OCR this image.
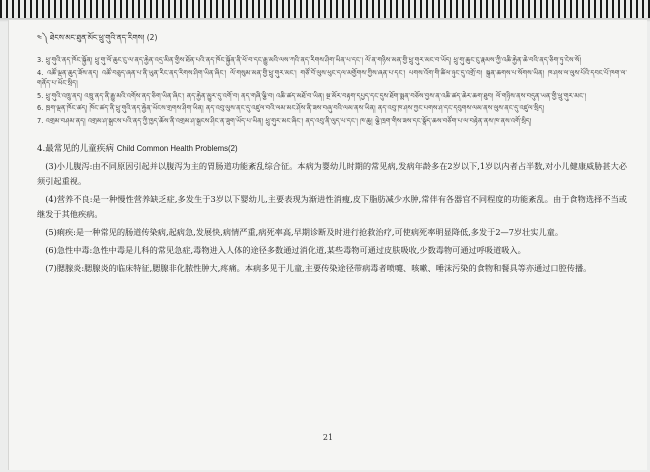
༤༽ ཐེངས་མང་ཐུན་མོང་ཕྲུ་གུའི་ནད་རིགས། (2)

3. ཕྲུ་གུའི་ནད་ཁོང་སྐྱོན། ཕྲུ་གུ་ལོ་ཆུང་ངུ་ལ་ནད་རྐྱེན་འདྲ་མིན་གྱིས་ཐོན་པའི་ནད་ཁོང་སྐྱོན་ནི་ཕོ་བ་དང་རྒྱུ་མའི་ལས་ཀའི་ནད་རིགས་ཤིག་ཡིན་པ་དང་། ལོ་ན་གཉིས་མན་གྱི་ཕྲུ་གུར་མང་བ་ཡོད། ཕྲུ་གུ་ཆུང་ངུ་རྣམས་ཀྱི་འཆི་རྐྱེན་ཆེ་བའི་ནད་ཅིག་ཏུ་ངེས་སོ།

4. འཚོ་ལྡན་ཆུད་ཟོས་ནད། འཚོ་བཅུད་ཞན་པ་ནི་ཡུན་རིང་ནད་རིགས་ཤིག་ཡིན་ཞིང་། ལོ་གསུམ་མན་གྱི་ཕྲུ་གུར་མང་། གཙོ་བོ་ལུས་ཕུང་དལ་མགྱོགས་ཀྱིས་ཞན་པ་དང་། པགས་འོག་གི་ཚིལ་ཉུང་དུ་འགྲོ་བ། སྐྲན་ཆགས་པ་སོགས་ཡིན། ཁ་ཤས་ལ་ལུས་པོའི་དབང་པོ་ཁག་ལ་གནོད་པ་ཡོང་སྲིད།

5. ཕྲུ་གུའི་འཁྲུ་ནད། འཁྲུ་ནད་ནི་རྒྱུ་མའི་འགོས་ནད་ཅིག་ཡིན་ཞིང་། ནད་རྐྱེན་མྱུར་དུ་འགོ་བ། ནད་གཞི་ལྕི་བ། འཆི་ཚད་མཐོ་བ་ཡིན། སྔ་མོར་བརྟག་དཔྱད་དང་དུས་ཐོག་སྨན་བཅོས་བྱས་ན་འཆི་ཚད་ཆེར་ཆག་ཐུབ། ལོ་གཉིས་ནས་བདུན་ཡན་གྱི་ཕྲུ་གུར་མང་།

6. ཁྲག་ལྡན་ཁོང་ཚད། ཁོང་ཚད་ནི་ཕྲུ་གུའི་ནད་རྐྱེན་ཡོངས་གྲགས་ཤིག་ཡིན། ནད་འབུ་ལུས་ནང་དུ་འཛུལ་བའི་ལམ་མང་ཤོས་ནི་ཟས་བཞུ་བའི་ལམ་ནས་ཡིན། ནད་འབུ་ཁ་ཤས་ཀྱང་པགས་ཤ་དང་དབུགས་ལམ་ནས་ལུས་ནང་དུ་འཛུལ་སྲིད།

7. འགྲམ་བཤམ་ནད། འགྲམ་ཤ་སྐྲངས་པའི་ནད་ཀྱི་ཁྱད་ཆོས་ནི་འགྲམ་ཤ་སྐྲངས་ཤིང་ན་ཟུག་ཡོད་པ་ཡིན། ཕྲུ་གུར་མང་ཞིང་། ནད་འབུ་ནི་ལུད་པ་དང་། ཁ་ཆུ། ལྕེ་ཁྲག་གིས་ཟས་དང་སྣོད་ཆས་བཙོག་པ་ལ་བརྟེན་ནས་ཁ་ནས་འགོ་སྲིད།

4.最常见的儿童疾病 Child Common Health Problems(2)

(3)小儿腹泻:由不同原因引起并以腹泻为主的胃肠道功能紊乱综合征。本病为婴幼儿时期的常见病,发病年龄多在2岁以下,1岁以内者占半数,对小儿健康威胁甚大必须引起重视。

(4)营养不良:是一种慢性营养缺乏症,多发生于3岁以下婴幼儿,主要表现为渐进性消瘦,皮下脂肪减少水肿,常伴有各器官不同程度的功能紊乱。由于食物选择不当或继发于其他疾病。

(5)痢疾:是一种常见的肠道传染病,起病急,发展快,病情严重,病死率高,早期诊断及时进行抢救治疗,可使病死率明显降低,多发于2—7岁壮实儿童。

(6)急性中毒:急性中毒是儿科的常见急症,毒物进入人体的途径多数通过消化道,某些毒物可通过皮肤吸收,少数毒物可通过呼吸道吸入。

(7)腮腺炎:腮腺炎的临床特征,腮腺非化脓性肿大,疼痛。本病多见于儿童,主要传染途径带病毒者喷嚏、咳嗽、唾沫污染的食物和餐具等亦通过口腔传播。

21
